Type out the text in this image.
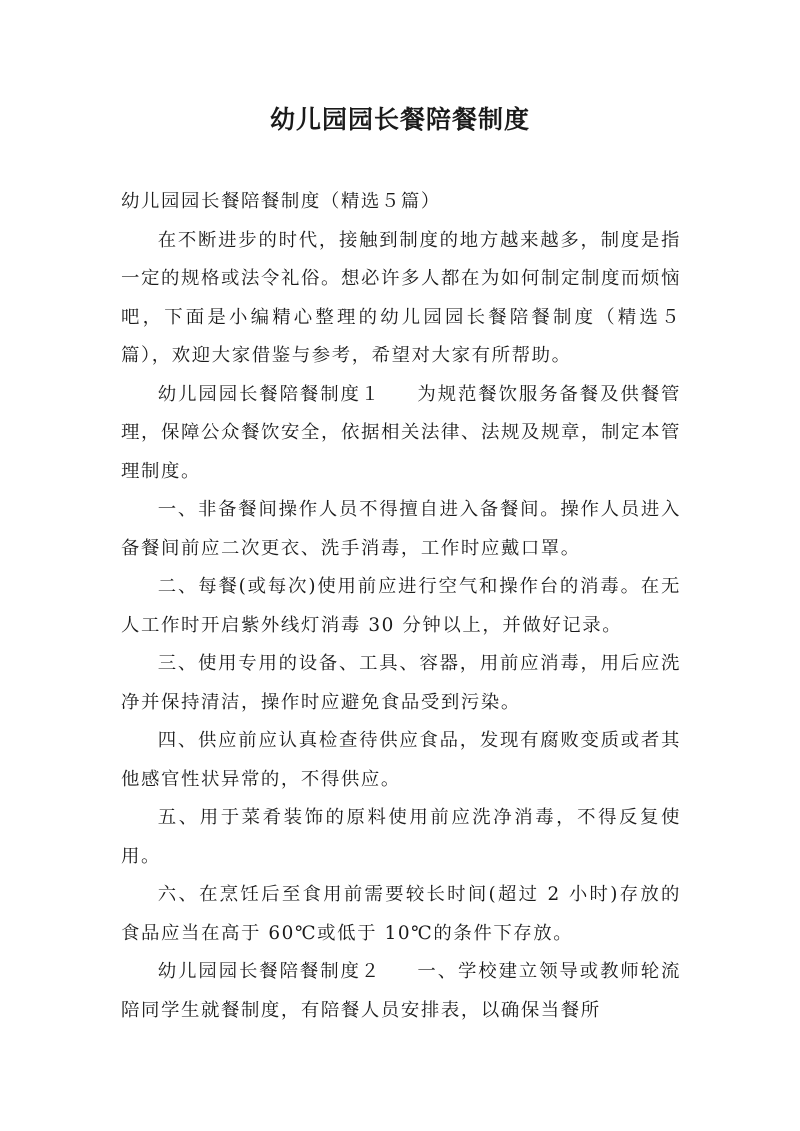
幼儿园园长餐陪餐制度

幼儿园园长餐陪餐制度（精选５篇）

在不断进步的时代，接触到制度的地方越来越多，制度是指一定的规格或法令礼俗。想必许多人都在为如何制定制度而烦恼吧，下面是小编精心整理的幼儿园园长餐陪餐制度（精选５篇），欢迎大家借鉴与参考，希望对大家有所帮助。

幼儿园园长餐陪餐制度１ 为规范餐饮服务备餐及供餐管理，保障公众餐饮安全，依据相关法律、法规及规章，制定本管理制度。

一、非备餐间操作人员不得擅自进入备餐间。操作人员进入备餐间前应二次更衣、洗手消毒，工作时应戴口罩。

二、每餐(或每次)使用前应进行空气和操作台的消毒。在无人工作时开启紫外线灯消毒 30 分钟以上，并做好记录。

三、使用专用的设备、工具、容器，用前应消毒，用后应洗净并保持清洁，操作时应避免食品受到污染。

四、供应前应认真检查待供应食品，发现有腐败变质或者其他感官性状异常的，不得供应。

五、用于菜肴装饰的原料使用前应洗净消毒，不得反复使用。

六、在烹饪后至食用前需要较长时间(超过 2 小时)存放的食品应当在高于 60℃或低于 10℃的条件下存放。

幼儿园园长餐陪餐制度２ 一、学校建立领导或教师轮流陪同学生就餐制度，有陪餐人员安排表，以确保当餐所
